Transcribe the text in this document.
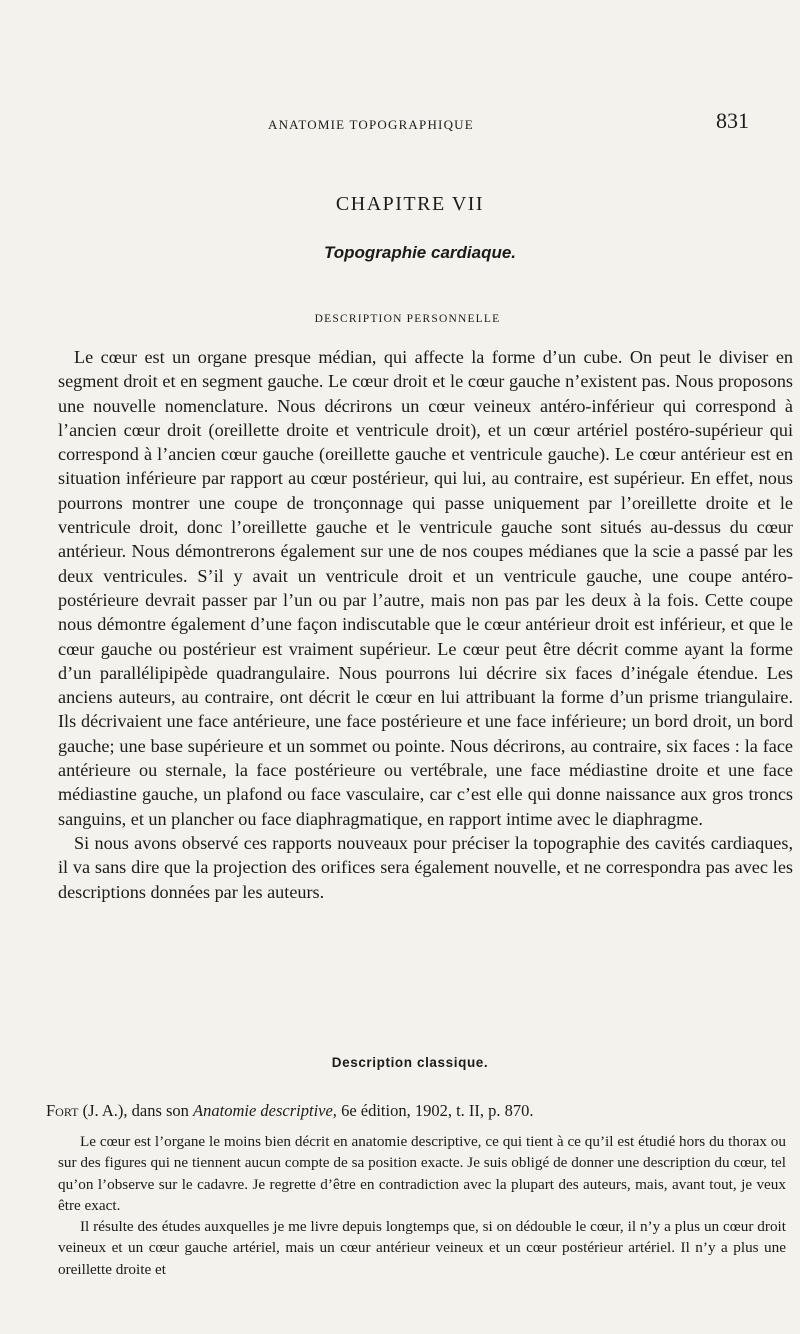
ANATOMIE TOPOGRAPHIQUE	831
CHAPITRE VII
Topographie cardiaque.
DESCRIPTION PERSONNELLE

Le cœur est un organe presque médian, qui affecte la forme d’un cube. On peut le diviser en segment droit et en segment gauche. Le cœur droit et le cœur gauche n’existent pas. Nous proposons une nouvelle nomenclature. Nous décrirons un cœur veineux antéro-inférieur qui correspond à l’ancien cœur droit (oreillette droite et ventricule droit), et un cœur artériel postéro-supérieur qui correspond à l’ancien cœur gauche (oreillette gauche et ventricule gauche). Le cœur antérieur est en situation inférieure par rapport au cœur postérieur, qui lui, au contraire, est supérieur. En effet, nous pourrons montrer une coupe de tronçonnage qui passe uniquement par l’oreillette droite et le ventricule droit, donc l’oreillette gauche et le ventricule gauche sont situés au-dessus du cœur antérieur. Nous démontrerons également sur une de nos coupes médianes que la scie a passé par les deux ventricules. S’il y avait un ventricule droit et un ventricule gauche, une coupe antéro-postérieure devrait passer par l’un ou par l’autre, mais non pas par les deux à la fois. Cette coupe nous démontre également d’une façon indiscutable que le cœur antérieur droit est inférieur, et que le cœur gauche ou postérieur est vraiment supérieur. Le cœur peut être décrit comme ayant la forme d’un parallélipipède quadrangulaire. Nous pourrons lui décrire six faces d’inégale étendue. Les anciens auteurs, au contraire, ont décrit le cœur en lui attribuant la forme d’un prisme triangulaire. Ils décrivaient une face antérieure, une face postérieure et une face inférieure; un bord droit, un bord gauche; une base supérieure et un sommet ou pointe. Nous décrirons, au contraire, six faces : la face antérieure ou sternale, la face postérieure ou vertébrale, une face médiastine droite et une face médiastine gauche, un plafond ou face vasculaire, car c’est elle qui donne naissance aux gros troncs sanguins, et un plancher ou face diaphragmatique, en rapport intime avec le diaphragme.

Si nous avons observé ces rapports nouveaux pour préciser la topographie des cavités cardiaques, il va sans dire que la projection des orifices sera également nouvelle, et ne correspondra pas avec les descriptions données par les auteurs.

Description classique.
Fort (J. A.), dans son Anatomie descriptive, 6e édition, 1902, t. II, p. 870.

Le cœur est l’organe le moins bien décrit en anatomie descriptive, ce qui tient à ce qu’il est étudié hors du thorax ou sur des figures qui ne tiennent aucun compte de sa position exacte. Je suis obligé de donner une description du cœur, tel qu’on l’observe sur le cadavre. Je regrette d’être en contradiction avec la plupart des auteurs, mais, avant tout, je veux être exact.

Il résulte des études auxquelles je me livre depuis longtemps que, si on dédouble le cœur, il n’y a plus un cœur droit veineux et un cœur gauche artériel, mais un cœur antérieur veineux et un cœur postérieur artériel. Il n’y a plus une oreillette droite et
